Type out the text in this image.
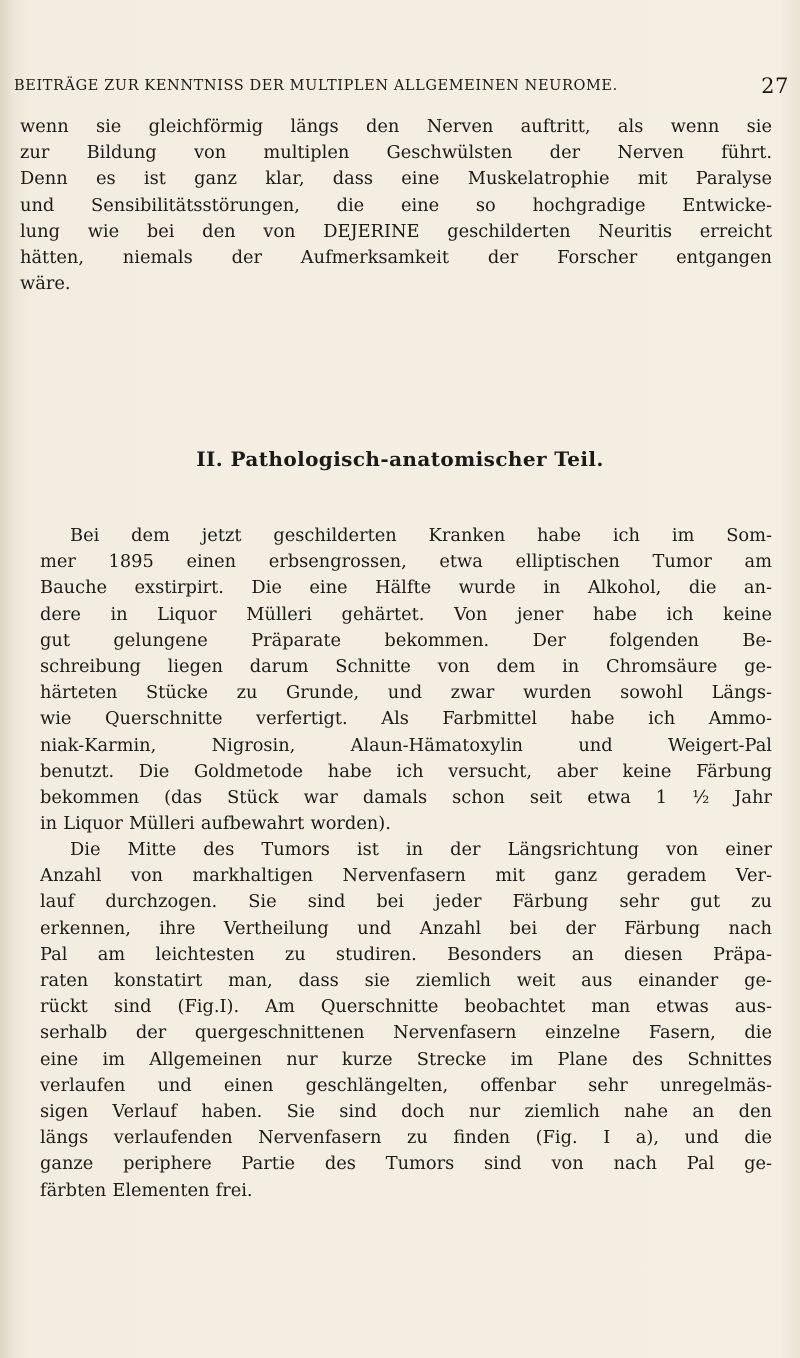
BEITRÄGE ZUR KENNTNISS DER MULTIPLEN ALLGEMEINEN NEUROME.	27
wenn sie gleichförmig längs den Nerven auftritt, als wenn sie
zur Bildung von multiplen Geschwülsten der Nerven führt.
Denn es ist ganz klar, dass eine Muskelatrophie mit Paralyse
und Sensibilitätsstörungen, die eine so hochgradige Entwicke-
lung wie bei den von DEJERINE geschilderten Neuritis erreicht
hätten, niemals der Aufmerksamkeit der Forscher entgangen
wäre.
II. Pathologisch-anatomischer Teil.
Bei dem jetzt geschilderten Kranken habe ich im Som-
mer 1895 einen erbsengrossen, etwa elliptischen Tumor am
Bauche exstirpirt. Die eine Hälfte wurde in Alkohol, die an-
dere in Liquor Mülleri gehärtet. Von jener habe ich keine
gut gelungene Präparate bekommen. Der folgenden Be-
schreibung liegen darum Schnitte von dem in Chromsäure ge-
härteten Stücke zu Grunde, und zwar wurden sowohl Längs-
wie Querschnitte verfertigt. Als Farbmittel habe ich Ammo-
niak-Karmin, Nigrosin, Alaun-Hämatoxylin und Weigert-Pal
benutzt. Die Goldmetode habe ich versucht, aber keine Färbung
bekommen (das Stück war damals schon seit etwa 1 ½ Jahr
in Liquor Mülleri aufbewahrt worden).
Die Mitte des Tumors ist in der Längsrichtung von einer
Anzahl von markhaltigen Nervenfasern mit ganz geradem Ver-
lauf durchzogen. Sie sind bei jeder Färbung sehr gut zu
erkennen, ihre Vertheilung und Anzahl bei der Färbung nach
Pal am leichtesten zu studiren. Besonders an diesen Präpa-
raten konstatirt man, dass sie ziemlich weit aus einander ge-
rückt sind (Fig.I). Am Querschnitte beobachtet man etwas aus-
serhalb der quergeschnittenen Nervenfasern einzelne Fasern, die
eine im Allgemeinen nur kurze Strecke im Plane des Schnittes
verlaufen und einen geschlängelten, offenbar sehr unregelmäs-
sigen Verlauf haben. Sie sind doch nur ziemlich nahe an den
längs verlaufenden Nervenfasern zu finden (Fig. I a), und die
ganze periphere Partie des Tumors sind von nach Pal ge-
färbten Elementen frei.
